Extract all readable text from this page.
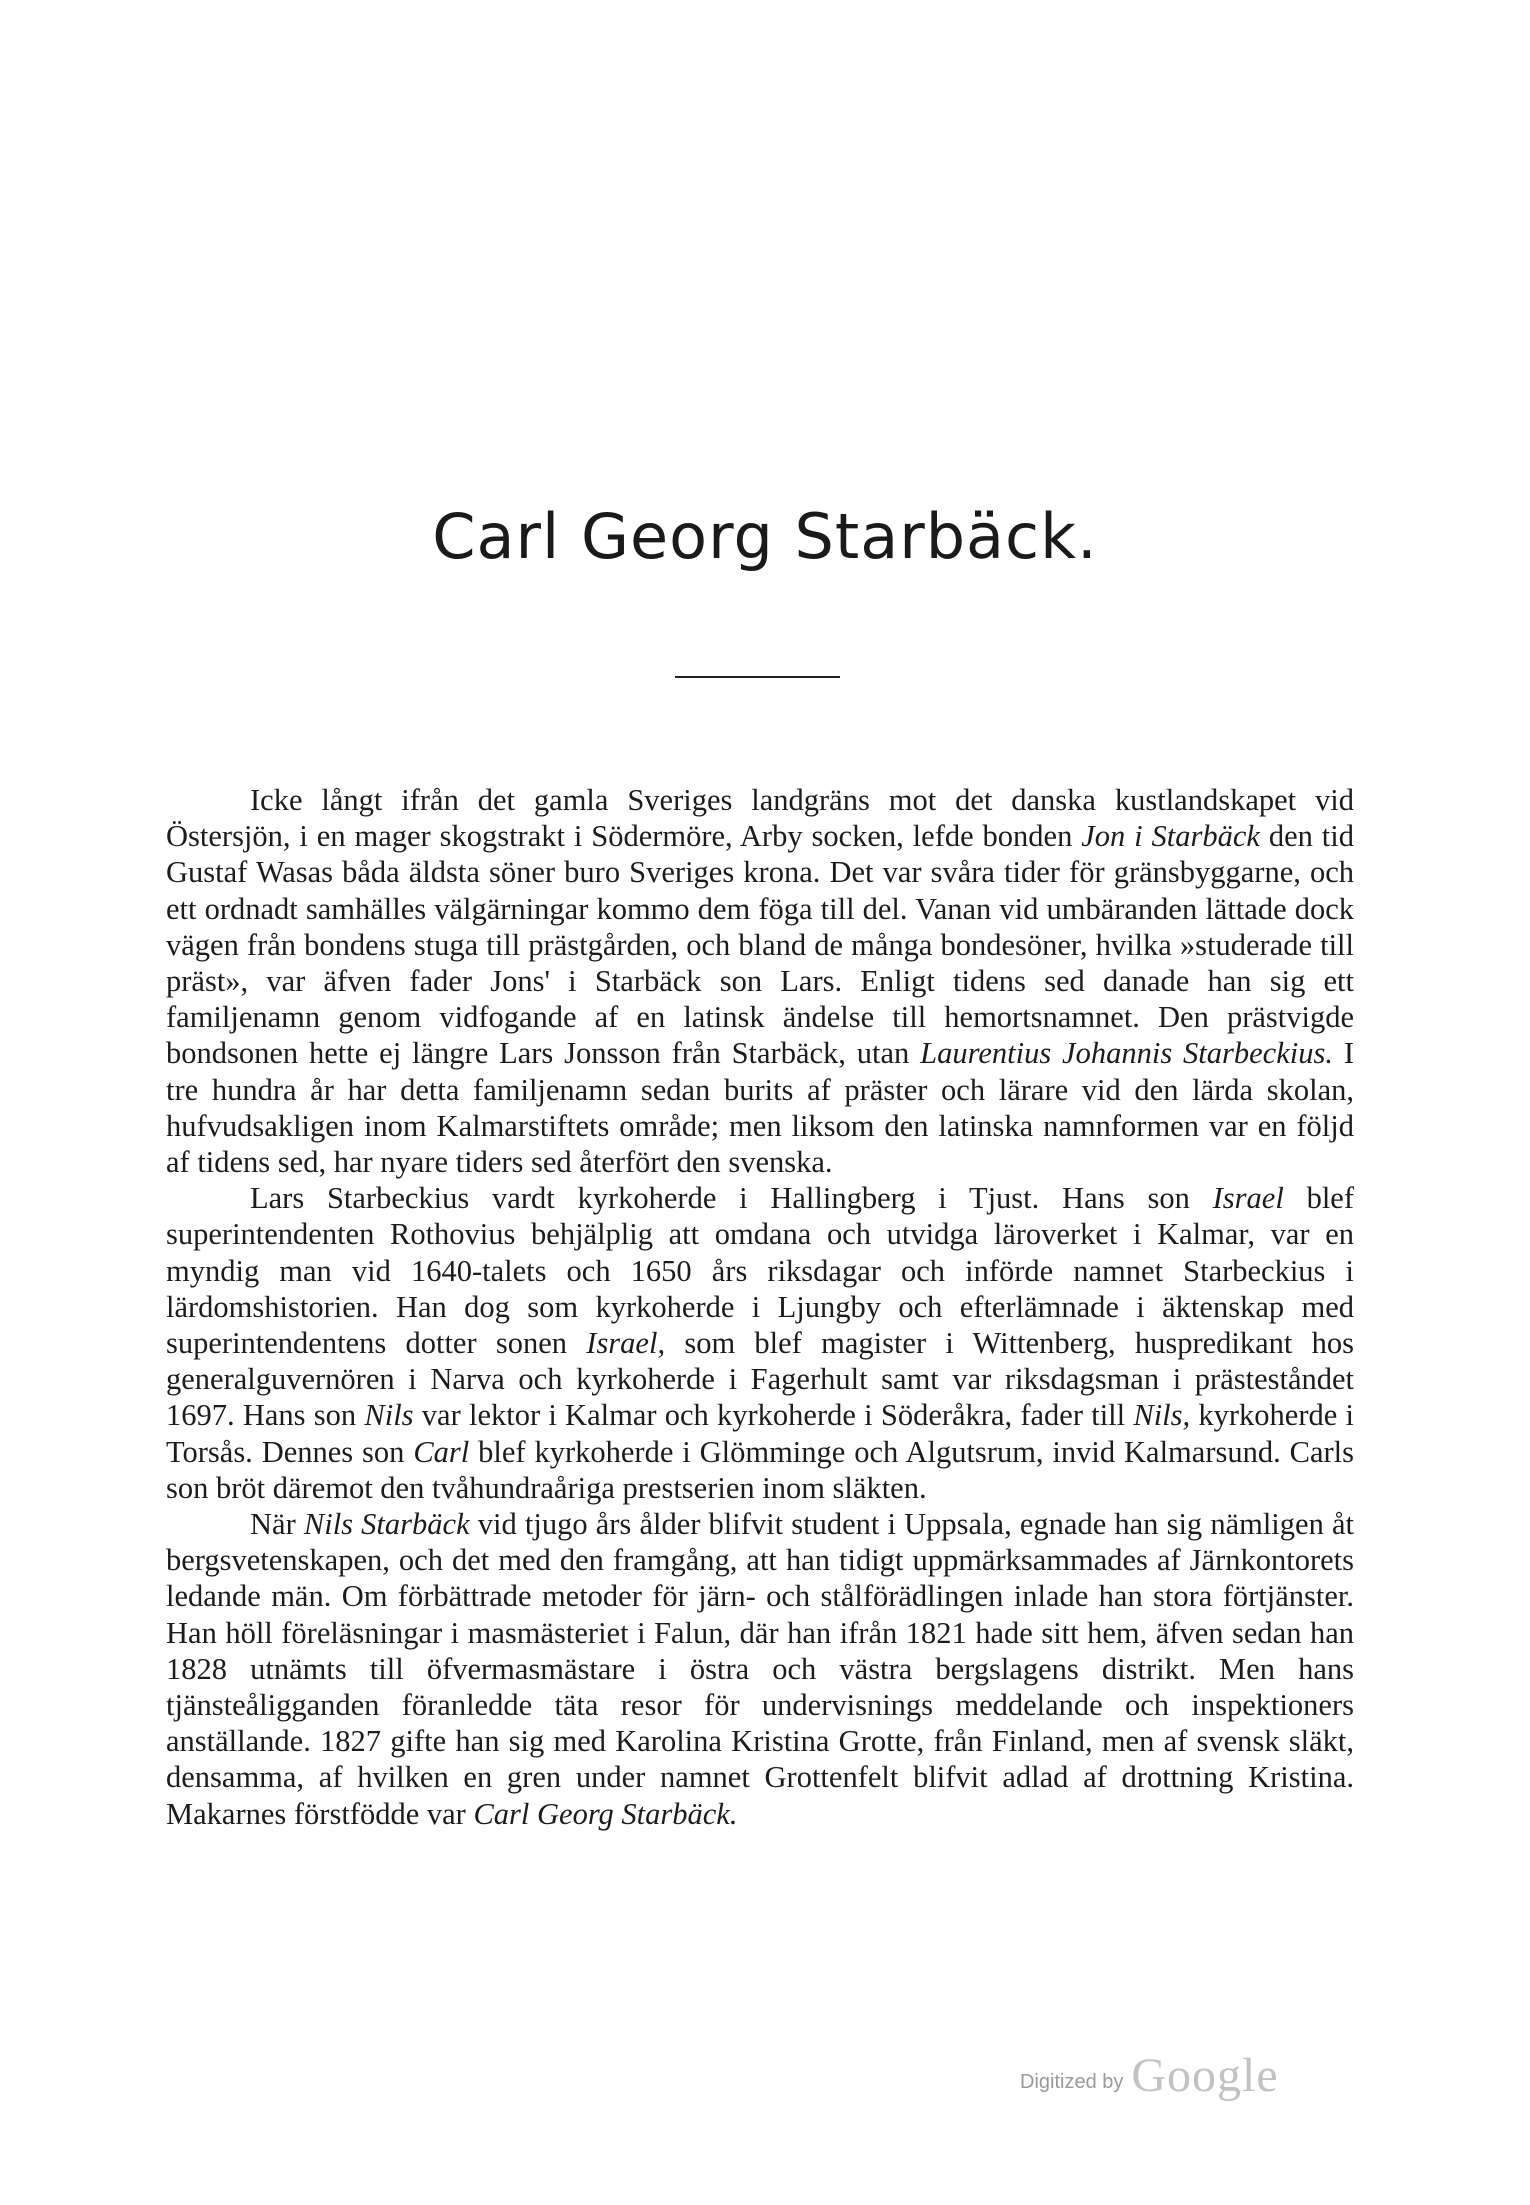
Carl Georg Starbäck.

Icke långt ifrån det gamla Sveriges landgräns mot det danska kustlandskapet vid Östersjön, i en mager skogstrakt i Södermöre, Arby socken, lefde bonden Jon i Starbäck den tid Gustaf Wasas båda äldsta söner buro Sveriges krona. Det var svåra tider för gränsbyggarne, och ett ordnadt samhälles välgärningar kommo dem föga till del. Vanan vid umbäranden lättade dock vägen från bondens stuga till prästgården, och bland de många bondesöner, hvilka »studerade till präst», var äfven fader Jons' i Starbäck son Lars. Enligt tidens sed danade han sig ett familjenamn genom vidfogande af en latinsk ändelse till hemortsnamnet. Den prästvigde bondsonen hette ej längre Lars Jonsson från Starbäck, utan Laurentius Johannis Starbeckius. I tre hundra år har detta familjenamn sedan burits af präster och lärare vid den lärda skolan, hufvudsakligen inom Kalmarstiftets område; men liksom den latinska namnformen var en följd af tidens sed, har nyare tiders sed återfört den svenska.

Lars Starbeckius vardt kyrkoherde i Hallingberg i Tjust. Hans son Israel blef superintendenten Rothovius behjälplig att omdana och utvidga läroverket i Kalmar, var en myndig man vid 1640-talets och 1650 års riksdagar och införde namnet Starbeckius i lärdomshistorien. Han dog som kyrkoherde i Ljungby och efterlämnade i äktenskap med superintendentens dotter sonen Israel, som blef magister i Wittenberg, huspredikant hos generalguvernören i Narva och kyrkoherde i Fagerhult samt var riksdagsman i prästeståndet 1697. Hans son Nils var lektor i Kalmar och kyrkoherde i Söderåkra, fader till Nils, kyrkoherde i Torsås. Dennes son Carl blef kyrkoherde i Glömminge och Algutsrum, invid Kalmarsund. Carls son bröt däremot den tvåhundraåriga prestserien inom släkten.

När Nils Starbäck vid tjugo års ålder blifvit student i Uppsala, egnade han sig nämligen åt bergsvetenskapen, och det med den framgång, att han tidigt uppmärksammades af Järnkontorets ledande män. Om förbättrade metoder för järn- och stålförädlingen inlade han stora förtjänster. Han höll föreläsningar i masmästeriet i Falun, där han ifrån 1821 hade sitt hem, äfven sedan han 1828 utnämts till öfvermasmästare i östra och västra bergslagens distrikt. Men hans tjänsteåligganden föranledde täta resor för undervisnings meddelande och inspektioners anställande. 1827 gifte han sig med Karolina Kristina Grotte, från Finland, men af svensk släkt, densamma, af hvilken en gren under namnet Grottenfelt blifvit adlad af drottning Kristina. Makarnes förstfödde var Carl Georg Starbäck.

Digitized by Google
